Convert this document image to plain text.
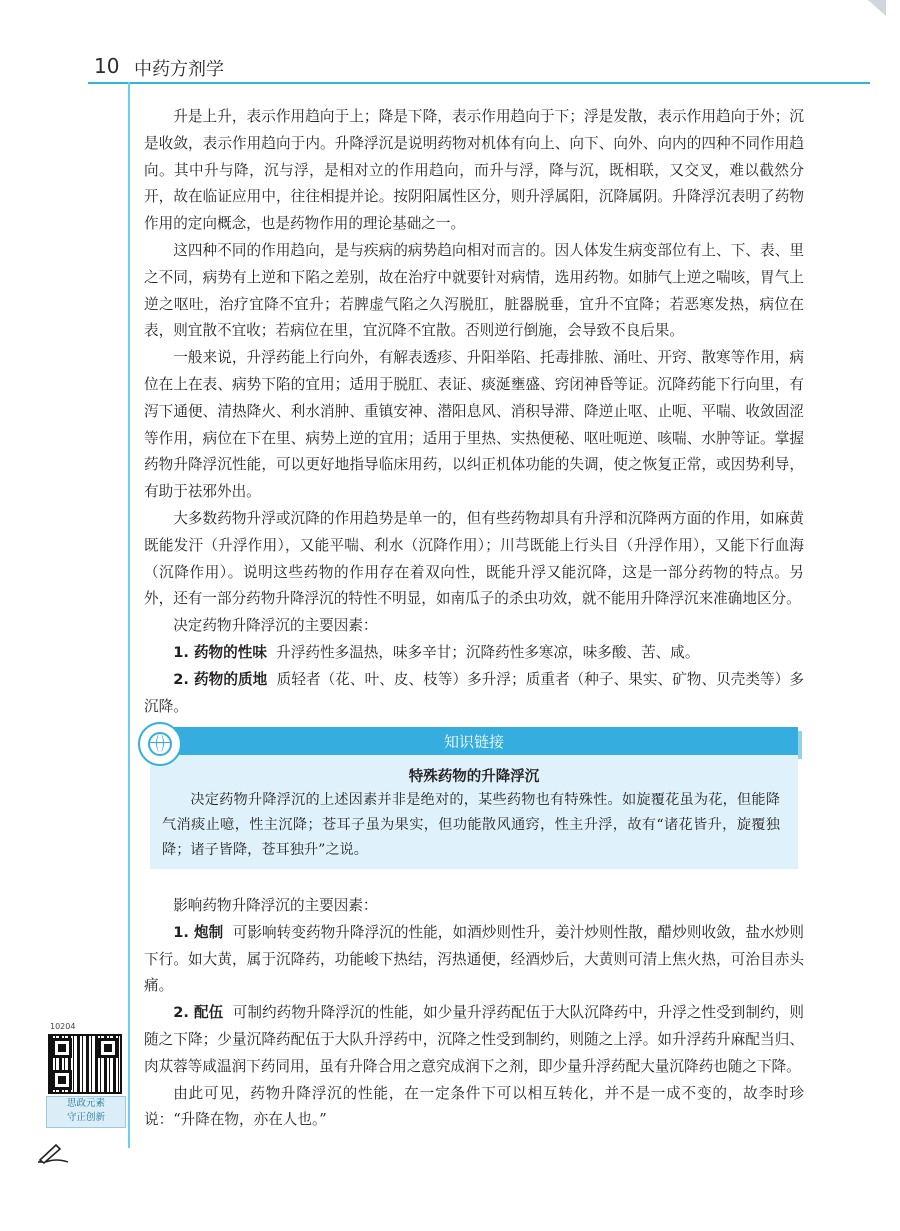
10 中药方剂学

升是上升，表示作用趋向于上；降是下降，表示作用趋向于下；浮是发散，表示作用趋向于外；沉是收敛，表示作用趋向于内。升降浮沉是说明药物对机体有向上、向下、向外、向内的四种不同作用趋向。其中升与降，沉与浮，是相对立的作用趋向，而升与浮，降与沉，既相联，又交叉，难以截然分开，故在临证应用中，往往相提并论。按阴阳属性区分，则升浮属阳，沉降属阴。升降浮沉表明了药物作用的定向概念，也是药物作用的理论基础之一。

这四种不同的作用趋向，是与疾病的病势趋向相对而言的。因人体发生病变部位有上、下、表、里之不同，病势有上逆和下陷之差别，故在治疗中就要针对病情，选用药物。如肺气上逆之喘咳，胃气上逆之呕吐，治疗宜降不宜升；若脾虚气陷之久泻脱肛，脏器脱垂，宜升不宜降；若恶寒发热，病位在表，则宜散不宜收；若病位在里，宜沉降不宜散。否则逆行倒施，会导致不良后果。

一般来说，升浮药能上行向外，有解表透疹、升阳举陷、托毒排脓、涌吐、开窍、散寒等作用，病位在上在表、病势下陷的宜用；适用于脱肛、表证、痰涎壅盛、窍闭神昏等证。沉降药能下行向里，有泻下通便、清热降火、利水消肿、重镇安神、潜阳息风、消积导滞、降逆止呕、止呃、平喘、收敛固涩等作用，病位在下在里、病势上逆的宜用；适用于里热、实热便秘、呕吐呃逆、咳喘、水肿等证。掌握药物升降浮沉性能，可以更好地指导临床用药，以纠正机体功能的失调，使之恢复正常，或因势利导，有助于祛邪外出。

大多数药物升浮或沉降的作用趋势是单一的，但有些药物却具有升浮和沉降两方面的作用，如麻黄既能发汗（升浮作用），又能平喘、利水（沉降作用）；川芎既能上行头目（升浮作用），又能下行血海（沉降作用）。说明这些药物的作用存在着双向性，既能升浮又能沉降，这是一部分药物的特点。另外，还有一部分药物升降浮沉的特性不明显，如南瓜子的杀虫功效，就不能用升降浮沉来准确地区分。

决定药物升降浮沉的主要因素：

1. 药物的性味 升浮药性多温热，味多辛甘；沉降药性多寒凉，味多酸、苦、咸。

2. 药物的质地 质轻者（花、叶、皮、枝等）多升浮；质重者（种子、果实、矿物、贝壳类等）多沉降。

知识链接
特殊药物的升降浮沉

决定药物升降浮沉的上述因素并非是绝对的，某些药物也有特殊性。如旋覆花虽为花，但能降气消痰止噫，性主沉降；苍耳子虽为果实，但功能散风通窍，性主升浮，故有“诸花皆升，旋覆独降；诸子皆降，苍耳独升”之说。

影响药物升降浮沉的主要因素：

1. 炮制 可影响转变药物升降浮沉的性能，如酒炒则性升，姜汁炒则性散，醋炒则收敛，盐水炒则下行。如大黄，属于沉降药，功能峻下热结，泻热通便，经酒炒后，大黄则可清上焦火热，可治目赤头痛。

2. 配伍 可制约药物升降浮沉的性能，如少量升浮药配伍于大队沉降药中，升浮之性受到制约，则随之下降；少量沉降药配伍于大队升浮药中，沉降之性受到制约，则随之上浮。如升浮药升麻配当归、肉苁蓉等咸温润下药同用，虽有升降合用之意究成润下之剂，即少量升浮药配大量沉降药也随之下降。

由此可见，药物升降浮沉的性能，在一定条件下可以相互转化，并不是一成不变的，故李时珍说：“升降在物，亦在人也。”

10204
思政元素
守正创新
